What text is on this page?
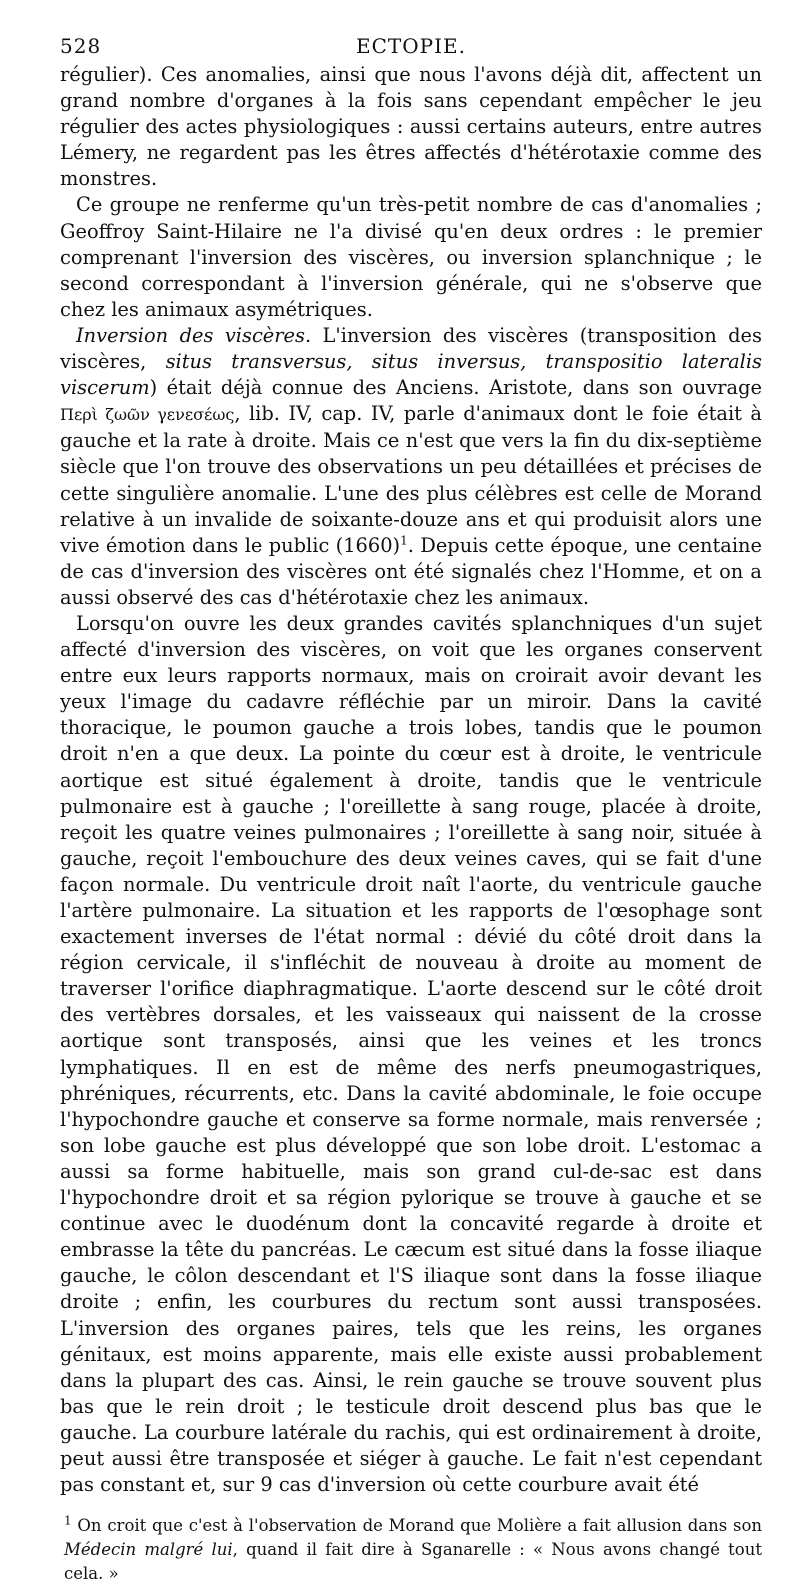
528	ECTOPIE.

régulier). Ces anomalies, ainsi que nous l'avons déjà dit, affectent un grand nombre d'organes à la fois sans cependant empêcher le jeu régulier des actes physiologiques : aussi certains auteurs, entre autres Lémery, ne regardent pas les êtres affectés d'hétérotaxie comme des monstres.

Ce groupe ne renferme qu'un très-petit nombre de cas d'anomalies ; Geoffroy Saint-Hilaire ne l'a divisé qu'en deux ordres : le premier comprenant l'inversion des viscères, ou inversion splanchnique ; le second correspondant à l'inversion générale, qui ne s'observe que chez les animaux asymétriques.

Inversion des viscères. L'inversion des viscères (transposition des viscères, situs transversus, situs inversus, transpositio lateralis viscerum) était déjà connue des Anciens. Aristote, dans son ouvrage Περὶ ζωῶν γενεσέως, lib. IV, cap. IV, parle d'animaux dont le foie était à gauche et la rate à droite. Mais ce n'est que vers la fin du dix-septième siècle que l'on trouve des observations un peu détaillées et précises de cette singulière anomalie. L'une des plus célèbres est celle de Morand relative à un invalide de soixante-douze ans et qui produisit alors une vive émotion dans le public $(1660)^1$. Depuis cette époque, une centaine de cas d'inversion des viscères ont été signalés chez l'Homme, et on a aussi observé des cas d'hétérotaxie chez les animaux.

Lorsqu'on ouvre les deux grandes cavités splanchniques d'un sujet affecté d'inversion des viscères, on voit que les organes conservent entre eux leurs rapports normaux, mais on croirait avoir devant les yeux l'image du cadavre réfléchie par un miroir. Dans la cavité thoracique, le poumon gauche a trois lobes, tandis que le poumon droit n'en a que deux. La pointe du cœur est à droite, le ventricule aortique est situé également à droite, tandis que le ventricule pulmonaire est à gauche ; l'oreillette à sang rouge, placée à droite, reçoit les quatre veines pulmonaires ; l'oreillette à sang noir, située à gauche, reçoit l'embouchure des deux veines caves, qui se fait d'une façon normale. Du ventricule droit naît l'aorte, du ventricule gauche l'artère pulmonaire. La situation et les rapports de l'œsophage sont exactement inverses de l'état normal : dévié du côté droit dans la région cervicale, il s'infléchit de nouveau à droite au moment de traverser l'orifice diaphragmatique. L'aorte descend sur le côté droit des vertèbres dorsales, et les vaisseaux qui naissent de la crosse aortique sont transposés, ainsi que les veines et les troncs lymphatiques. Il en est de même des nerfs pneumogastriques, phréniques, récurrents, etc. Dans la cavité abdominale, le foie occupe l'hypochondre gauche et conserve sa forme normale, mais renversée ; son lobe gauche est plus développé que son lobe droit. L'estomac a aussi sa forme habituelle, mais son grand cul-de-sac est dans l'hypochondre droit et sa région pylorique se trouve à gauche et se continue avec le duodénum dont la concavité regarde à droite et embrasse la tête du pancréas. Le cæcum est situé dans la fosse iliaque gauche, le côlon descendant et l'S iliaque sont dans la fosse iliaque droite ; enfin, les courbures du rectum sont aussi transposées. L'inversion des organes paires, tels que les reins, les organes génitaux, est moins apparente, mais elle existe aussi probablement dans la plupart des cas. Ainsi, le rein gauche se trouve souvent plus bas que le rein droit ; le testicule droit descend plus bas que le gauche. La courbure latérale du rachis, qui est ordinairement à droite, peut aussi être transposée et siéger à gauche. Le fait n'est cependant pas constant et, sur 9 cas d'inversion où cette courbure avait été

$^1$ On croit que c'est à l'observation de Morand que Molière a fait allusion dans son Médecin malgré lui, quand il fait dire à Sganarelle : « Nous avons changé tout cela. »
